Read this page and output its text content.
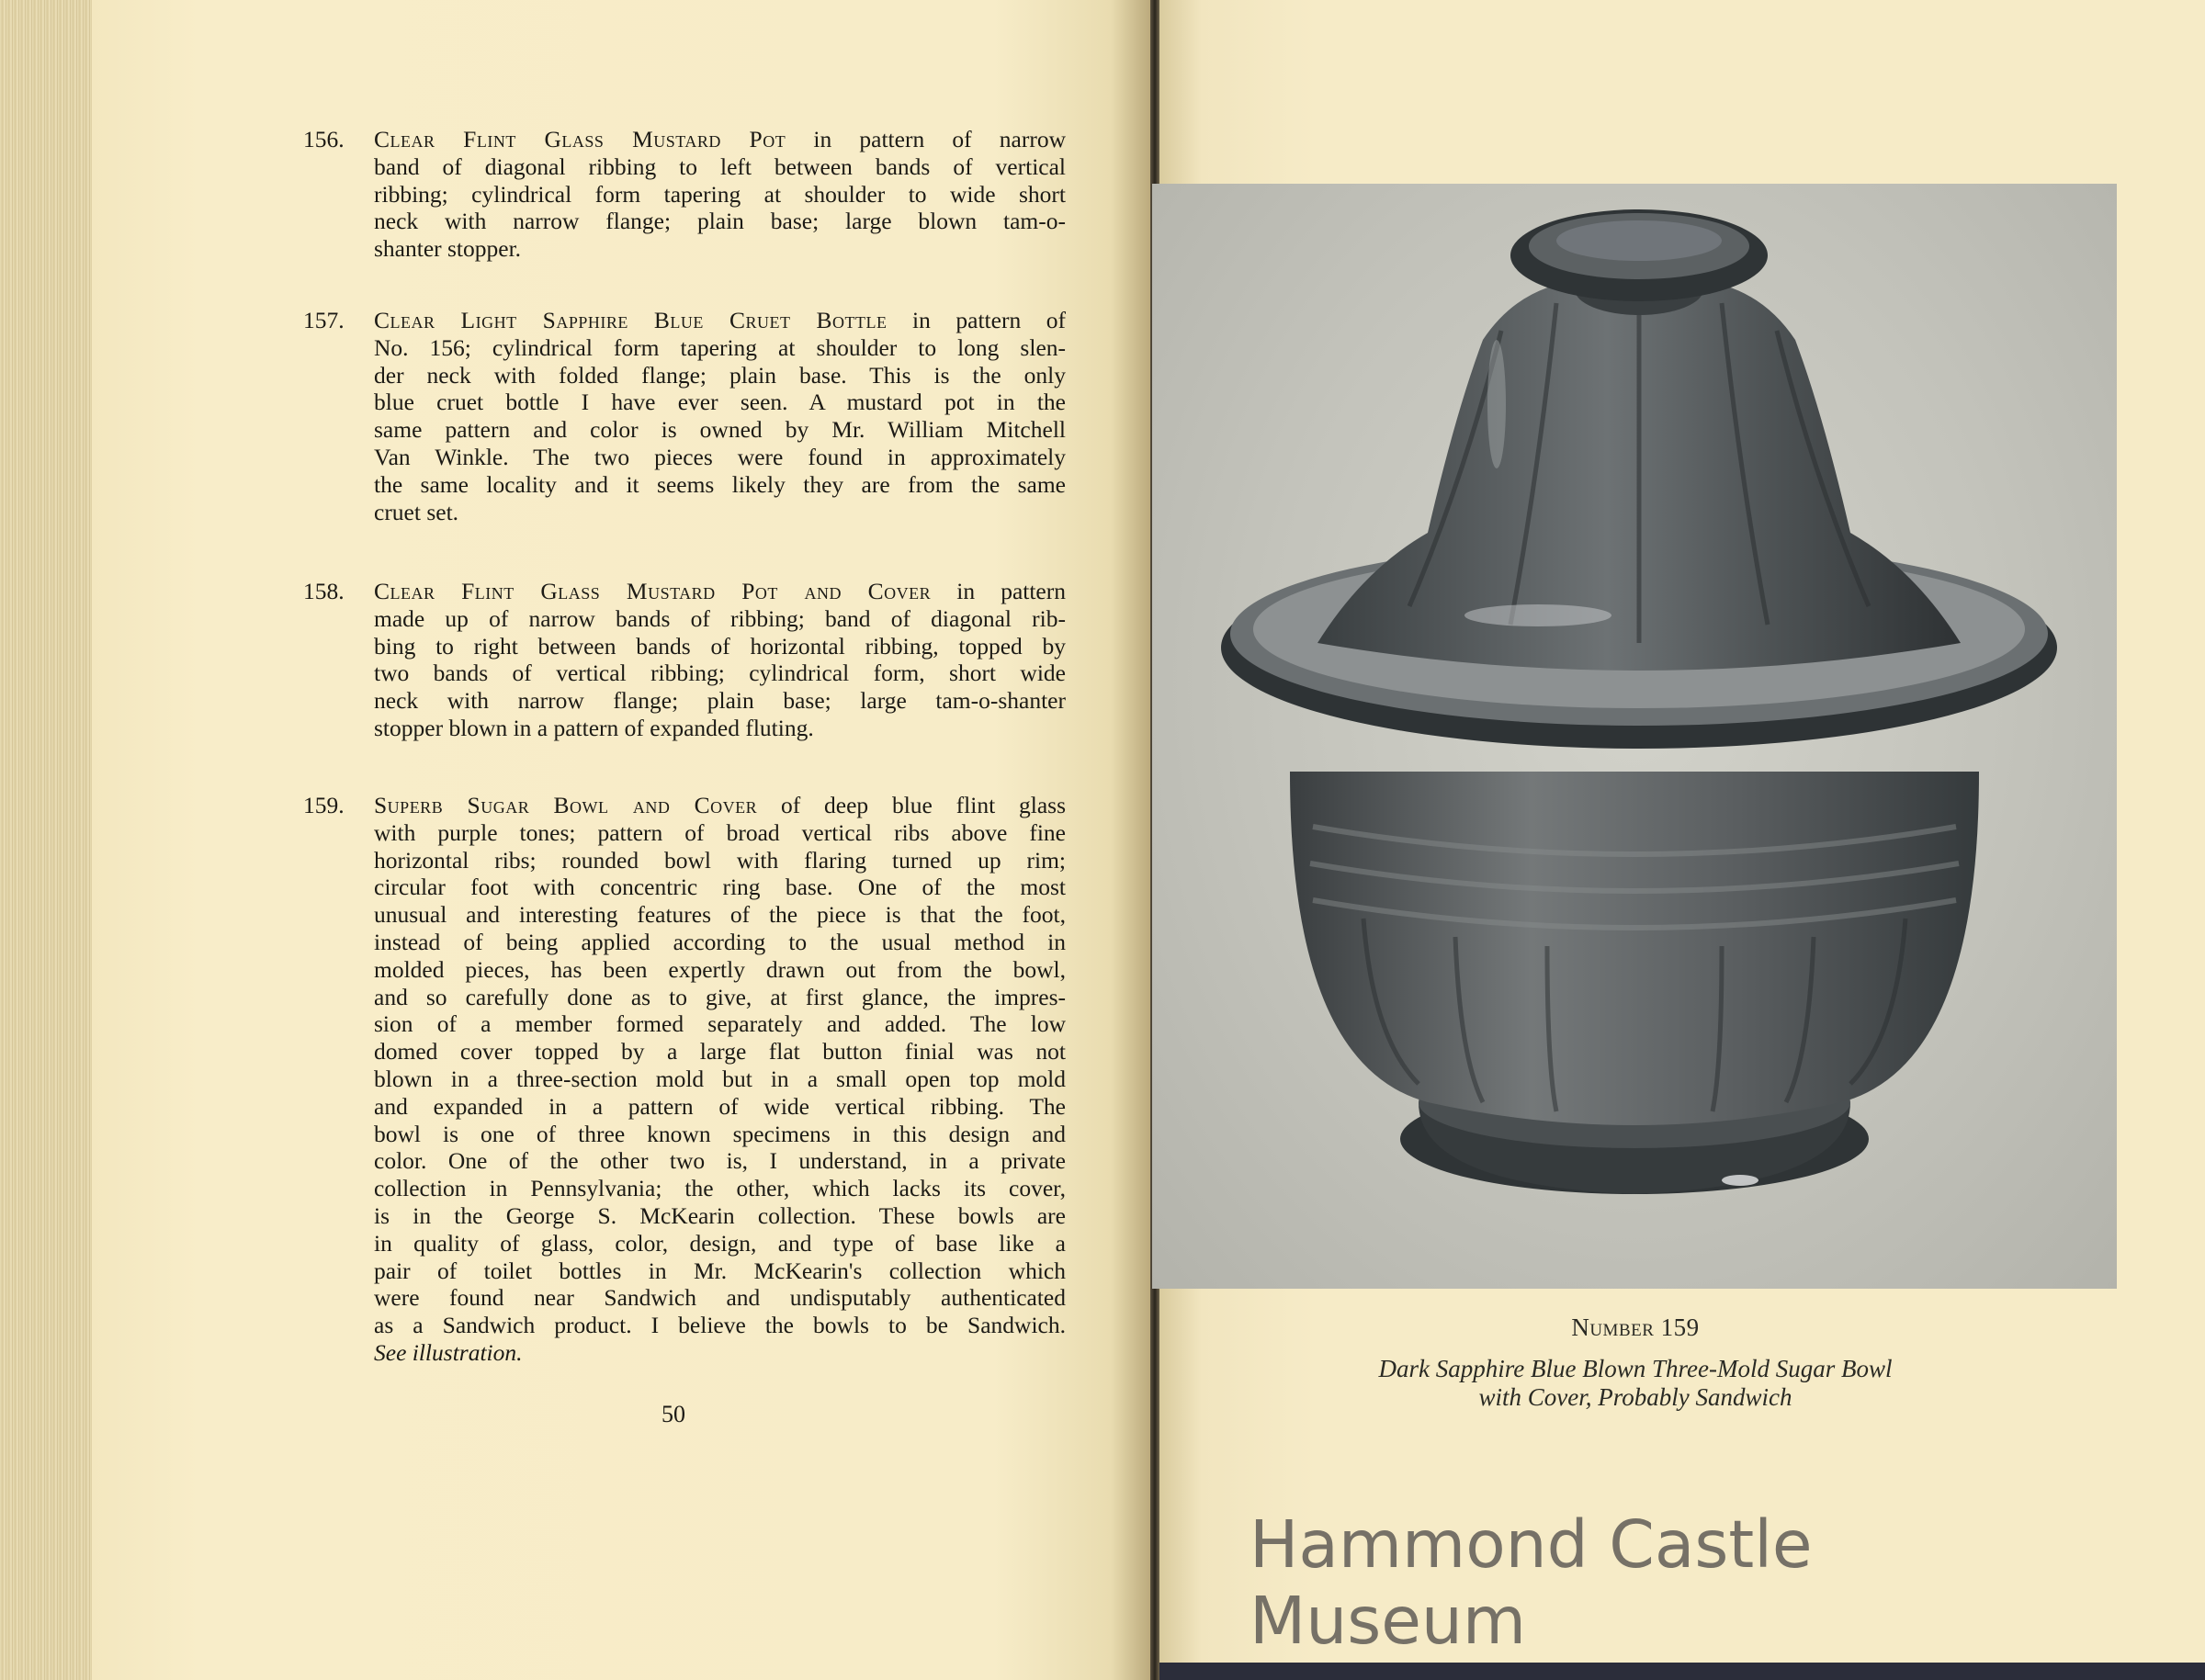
156.	Clear Flint Glass Mustard Pot in pattern of narrow
band of diagonal ribbing to left between bands of vertical
ribbing; cylindrical form tapering at shoulder to wide short
neck with narrow flange; plain base; large blown tam-o-
shanter stopper.
157.	Clear Light Sapphire Blue Cruet Bottle in pattern of
No. 156; cylindrical form tapering at shoulder to long slen-
der neck with folded flange; plain base. This is the only
blue cruet bottle I have ever seen. A mustard pot in the
same pattern and color is owned by Mr. William Mitchell
Van Winkle. The two pieces were found in approximately
the same locality and it seems likely they are from the same
cruet set.
158.	Clear Flint Glass Mustard Pot and Cover in pattern
made up of narrow bands of ribbing; band of diagonal rib-
bing to right between bands of horizontal ribbing, topped by
two bands of vertical ribbing; cylindrical form, short wide
neck with narrow flange; plain base; large tam-o-shanter
stopper blown in a pattern of expanded fluting.
159.	Superb Sugar Bowl and Cover of deep blue flint glass
with purple tones; pattern of broad vertical ribs above fine
horizontal ribs; rounded bowl with flaring turned up rim;
circular foot with concentric ring base. One of the most
unusual and interesting features of the piece is that the foot,
instead of being applied according to the usual method in
molded pieces, has been expertly drawn out from the bowl,
and so carefully done as to give, at first glance, the impres-
sion of a member formed separately and added. The low
domed cover topped by a large flat button finial was not
blown in a three-section mold but in a small open top mold
and expanded in a pattern of wide vertical ribbing. The
bowl is one of three known specimens in this design and
color. One of the other two is, I understand, in a private
collection in Pennsylvania; the other, which lacks its cover,
is in the George S. McKearin collection. These bowls are
in quality of glass, color, design, and type of base like a
pair of toilet bottles in Mr. McKearin's collection which
were found near Sandwich and undisputably authenticated
as a Sandwich product. I believe the bowls to be Sandwich.
See illustration.
50
Number 159
Dark Sapphire Blue Blown Three-Mold Sugar Bowl
with Cover, Probably Sandwich
Hammond Castle Museum
